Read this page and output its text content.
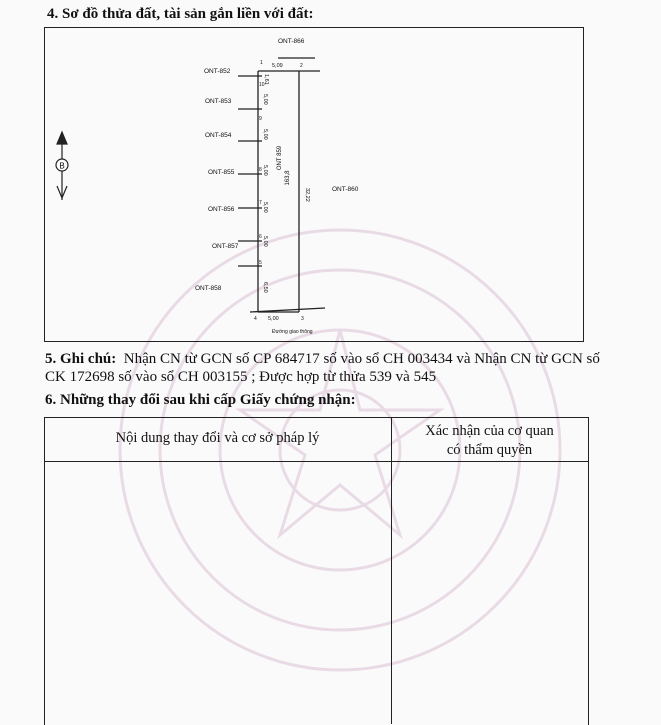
4. Sơ đồ thửa đất, tài sản gắn liền với đất:
B
ONT-866
ONT-852
ONT-853
ONT-854
ONT-855
ONT-856
ONT-857
ONT-858
ONT-860
5,09
5,00
32,22
1,61
5,00
5,00
5,00
5,00
5,00
6,50
Đường giao thông
1	2
3
4
5
6
7
8
9
10
ONT 859
163,8
5. Ghi chú: Nhận CN từ GCN số CP 684717 số vào sổ CH 003434 và Nhận CN từ GCN số CK 172698 số vào sổ CH 003155 ; Được hợp từ thửa 539 và 545
6. Những thay đổi sau khi cấp Giấy chứng nhận:
Nội dung thay đổi và cơ sở pháp lý	Xác nhận của cơ quan
có thẩm quyền
